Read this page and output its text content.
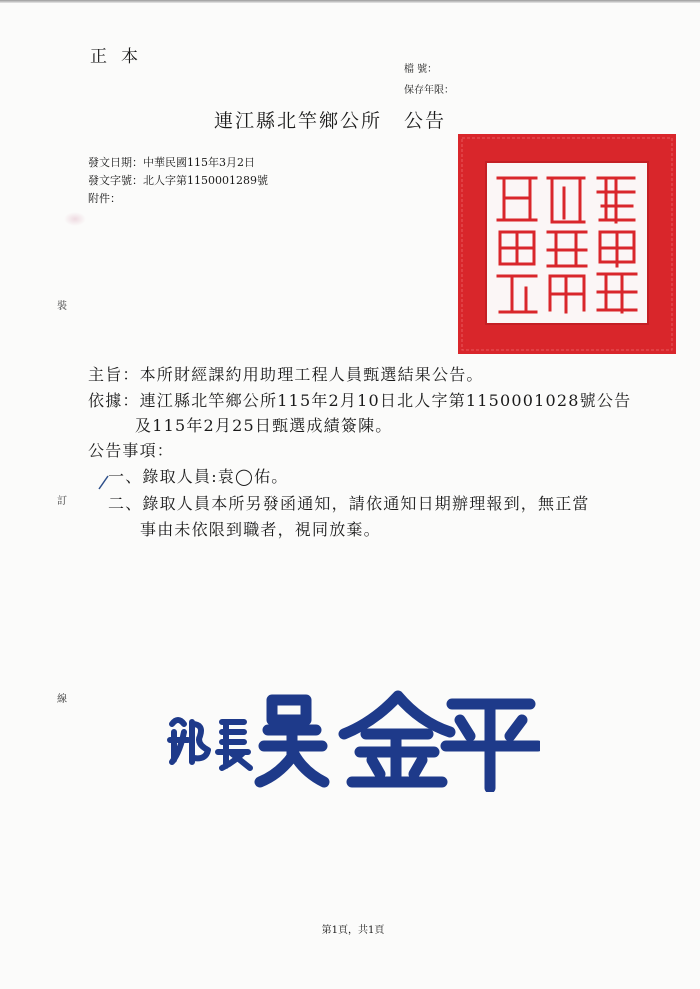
正本
檔 號：
保存年限：
連江縣北竿鄉公所 公告
發文日期：中華民國115年3月2日
發文字號：北人字第1150001289號
附件：
裝
訂
線
主旨：本所財經課約用助理工程人員甄選結果公告。
依據：連江縣北竿鄉公所115年2月10日北人字第1150001028號公告
及115年2月25日甄選成績簽陳。
公告事項：
一、錄取人員:袁◯佑。
二、錄取人員本所另發函通知，請依通知日期辦理報到，無正當
事由未依限到職者，視同放棄。
第1頁，共1頁
